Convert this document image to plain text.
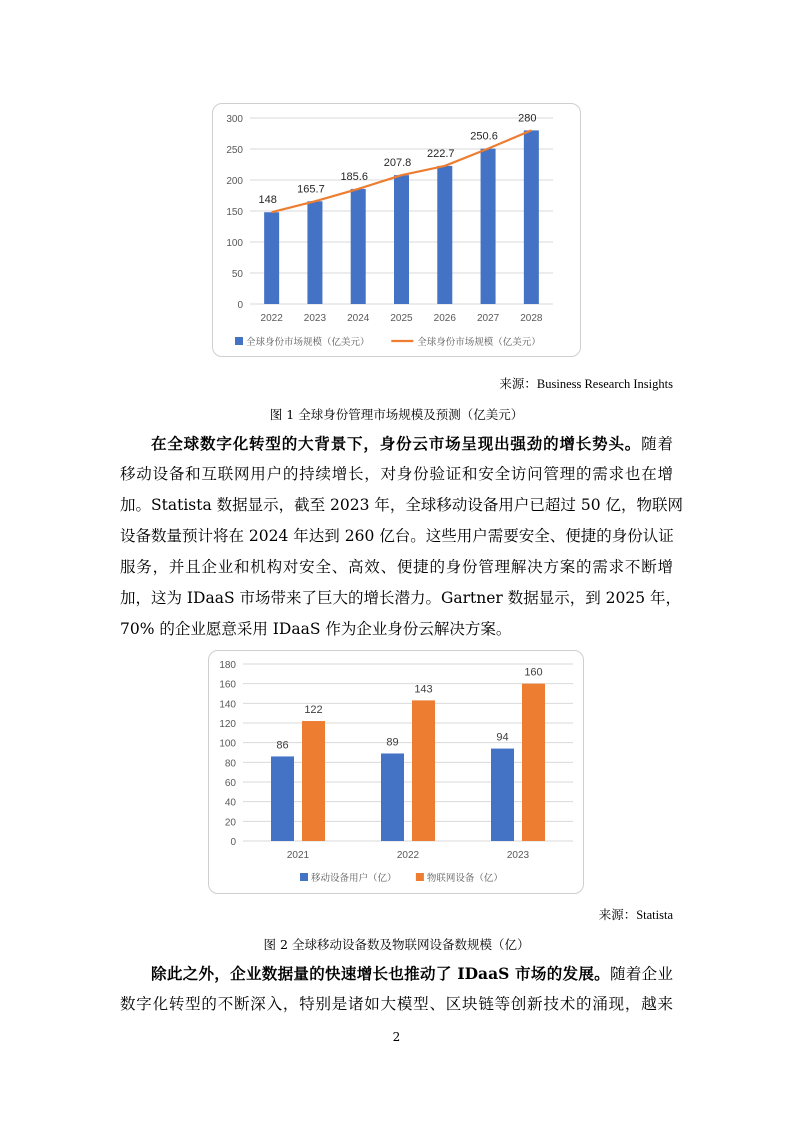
0
50
100
150
200
250
300
148
165.7
185.6
207.8
222.7
250.6
280
2022 2023 2024 2025 2026 2027 2028
全球身份市场规模（亿美元）	全球身份市场规模（亿美元）
来源：Business Research Insights
图 1 全球身份管理市场规模及预测（亿美元）
在全球数字化转型的大背景下，身份云市场呈现出强劲的增长势头。随着
移动设备和互联网用户的持续增长，对身份验证和安全访问管理的需求也在增
加。Statista 数据显示，截至 2023 年，全球移动设备用户已超过 50 亿，物联网
设备数量预计将在 2024 年达到 260 亿台。这些用户需要安全、便捷的身份认证
服务，并且企业和机构对安全、高效、便捷的身份管理解决方案的需求不断增
加，这为 IDaaS 市场带来了巨大的增长潜力。Gartner 数据显示，到 2025 年，
70% 的企业愿意采用 IDaaS 作为企业身份云解决方案。
0
20
40
60
80
100
120
140
160
180
86	89	94
122
143
160
2021	2022	2023
移动设备用户（亿）	物联网设备（亿）
来源：Statista
图 2 全球移动设备数及物联网设备数规模（亿）
除此之外，企业数据量的快速增长也推动了 IDaaS 市场的发展。随着企业
数字化转型的不断深入，特别是诸如大模型、区块链等创新技术的涌现，越来
2
